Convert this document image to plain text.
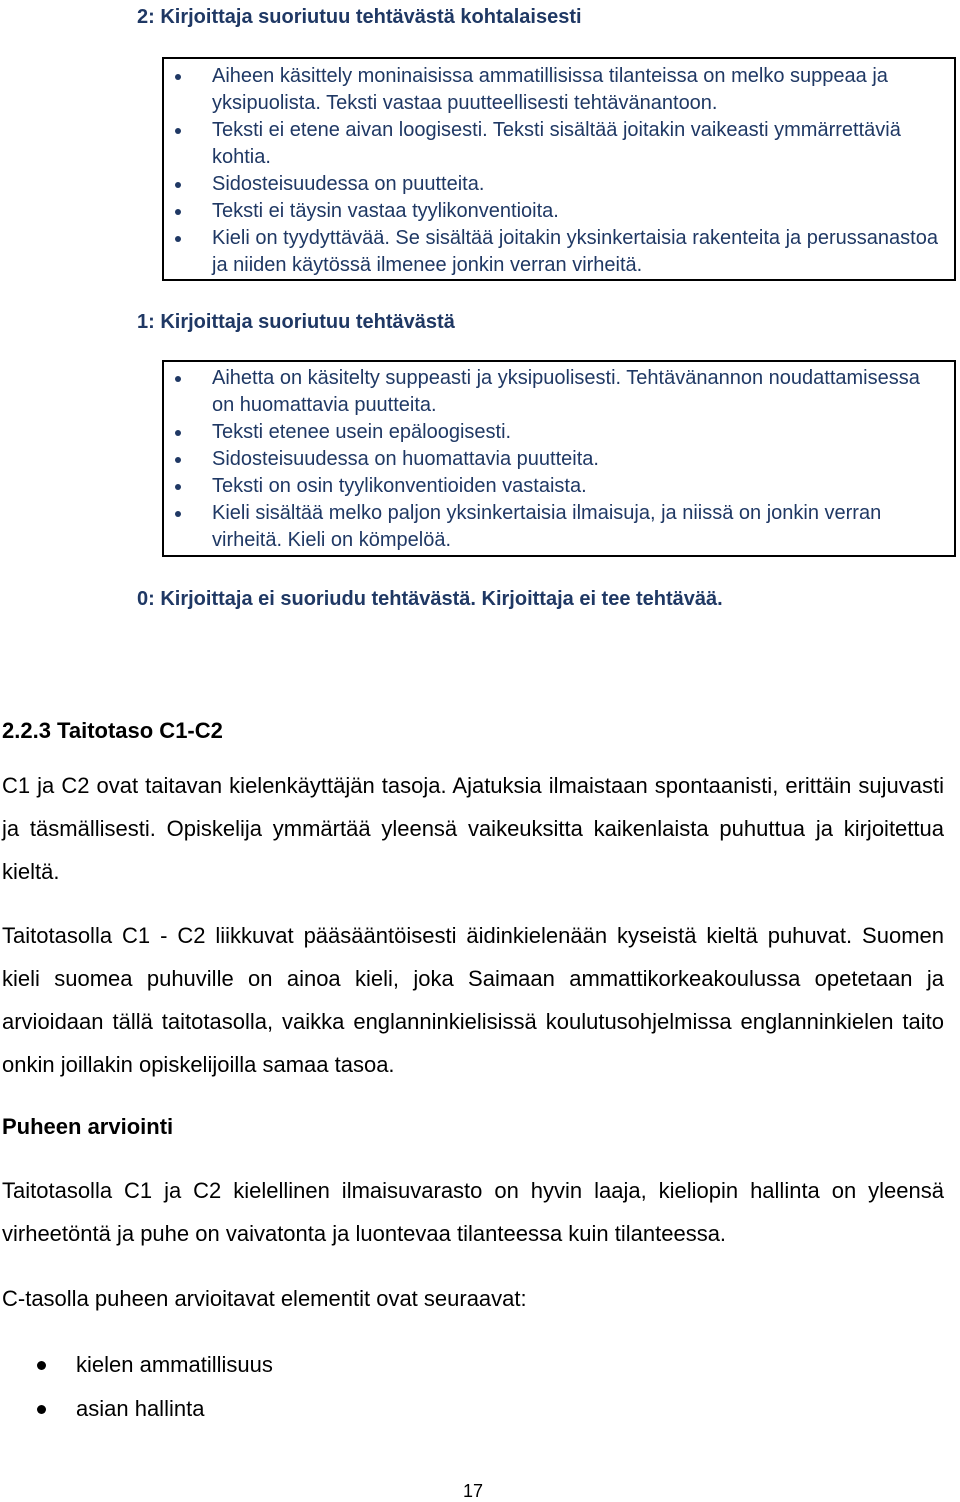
2: Kirjoittaja suoriutuu tehtävästä kohtalaisesti
Aiheen käsittely moninaisissa ammatillisissa tilanteissa on melko suppeaa ja yksipuolista. Teksti vastaa puutteellisesti tehtävänantoon.
Teksti ei etene aivan loogisesti. Teksti sisältää joitakin vaikeasti ymmärrettäviä kohtia.
Sidosteisuudessa on puutteita.
Teksti ei täysin vastaa tyylikonventioita.
Kieli on tyydyttävää. Se sisältää joitakin yksinkertaisia rakenteita ja perussanastoa ja niiden käytössä ilmenee jonkin verran virheitä.
1: Kirjoittaja suoriutuu tehtävästä
Aihetta on käsitelty suppeasti ja yksipuolisesti. Tehtävänannon noudattamisessa on huomattavia puutteita.
Teksti etenee usein epäloogisesti.
Sidosteisuudessa on huomattavia puutteita.
Teksti on osin tyylikonventioiden vastaista.
Kieli sisältää melko paljon yksinkertaisia ilmaisuja, ja niissä on jonkin verran virheitä. Kieli on kömpelöä.
0: Kirjoittaja ei suoriudu tehtävästä. Kirjoittaja ei tee tehtävää.
2.2.3 Taitotaso C1-C2

C1 ja C2 ovat taitavan kielenkäyttäjän tasoja. Ajatuksia ilmaistaan spontaanisti, erittäin sujuvasti ja täsmällisesti. Opiskelija ymmärtää yleensä vaikeuksitta kaikenlaista puhuttua ja kirjoitettua kieltä.

Taitotasolla C1 - C2 liikkuvat pääsääntöisesti äidinkielenään kyseistä kieltä puhuvat. Suomen kieli suomea puhuville on ainoa kieli, joka Saimaan ammattikorkeakoulussa opetetaan ja arvioidaan tällä taitotasolla, vaikka englanninkielisissä koulutusohjelmissa englanninkielen taito onkin joillakin opiskelijoilla samaa tasoa.

Puheen arviointi

Taitotasolla C1 ja C2 kielellinen ilmaisuvarasto on hyvin laaja, kieliopin hallinta on yleensä virheetöntä ja puhe on vaivatonta ja luontevaa tilanteessa kuin tilanteessa.

C-tasolla puheen arvioitavat elementit ovat seuraavat:

kielen ammatillisuus
asian hallinta
17
